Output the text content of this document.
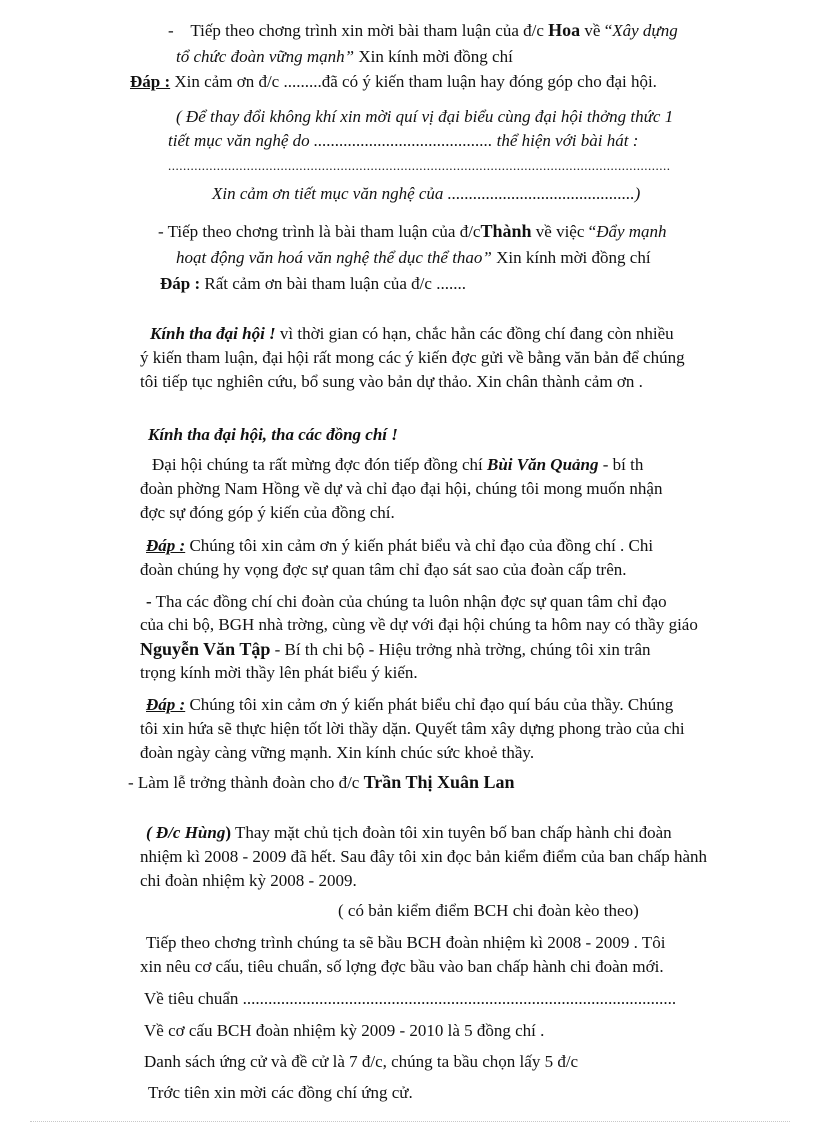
- Tiếp theo chơng trình xin mời bài tham luận của đ/c Hoa về “Xây dựng
tổ chức đoàn vững mạnh” Xin kính mời đồng chí
Đáp : Xin cảm ơn đ/c .........đã có ý kiến tham luận hay đóng góp cho đại hội.
( Để thay đổi không khí xin mời quí vị đại biểu cùng đại hội thởng thức 1
tiết mục văn nghệ do .......................................... thể hiện với bài hát :
......................................................................................................................................
Xin cảm ơn tiết mục văn nghệ của ............................................)
- Tiếp theo chơng trình là bài tham luận của đ/cThành về việc “Đẩy mạnh
hoạt động văn hoá văn nghệ thể dục thể thao” Xin kính mời đồng chí
Đáp : Rất cảm ơn bài tham luận của đ/c .......
Kính tha đại hội ! vì thời gian có hạn, chắc hẳn các đồng chí đang còn nhiều
ý kiến tham luận, đại hội rất mong các ý kiến đợc gửi về bằng văn bản để chúng
tôi tiếp tục nghiên cứu, bổ sung vào bản dự thảo. Xin chân thành cảm ơn .
Kính tha đại hội, tha các đồng chí !
Đại hội chúng ta rất mừng đợc đón tiếp đồng chí Bùi Văn Quảng - bí th
đoàn phờng Nam Hồng về dự và chỉ đạo đại hội, chúng tôi mong muốn nhận
đợc sự đóng góp ý kiến của đồng chí.
Đáp : Chúng tôi xin cảm ơn ý kiến phát biểu và chỉ đạo của đồng chí . Chi
đoàn chúng hy vọng đợc sự quan tâm chỉ đạo sát sao của đoàn cấp trên.
- Tha các đồng chí chi đoàn của chúng ta luôn nhận đợc sự quan tâm chỉ đạo
của chi bộ, BGH nhà trờng, cùng về dự với đại hội chúng ta hôm nay có thầy giáo
Nguyễn Văn Tập - Bí th chi bộ - Hiệu trởng nhà trờng, chúng tôi xin trân
trọng kính mời thầy lên phát biểu ý kiến.
Đáp : Chúng tôi xin cảm ơn ý kiến phát biểu chỉ đạo quí báu của thầy. Chúng
tôi xin hứa sẽ thực hiện tốt lời thầy dặn. Quyết tâm xây dựng phong trào của chi
đoàn ngày càng vững mạnh. Xin kính chúc sức khoẻ thầy.
- Làm lễ trởng thành đoàn cho đ/c Trần Thị Xuân Lan
( Đ/c Hùng) Thay mặt chủ tịch đoàn tôi xin tuyên bố ban chấp hành chi đoàn
nhiệm kì 2008 - 2009 đã hết. Sau đây tôi xin đọc bản kiểm điểm của ban chấp hành
chi đoàn nhiệm kỳ 2008 - 2009.
( có bản kiểm điểm BCH chi đoàn kèo theo)
Tiếp theo chơng trình chúng ta sẽ bầu BCH đoàn nhiệm kì 2008 - 2009 . Tôi
xin nêu cơ cấu, tiêu chuẩn, số lợng đợc bầu vào ban chấp hành chi đoàn mới.
Về tiêu chuẩn ......................................................................................................
Về cơ cấu BCH đoàn nhiệm kỳ 2009 - 2010 là 5 đồng chí .
Danh sách ứng cử và đề cử là 7 đ/c, chúng ta bầu chọn lấy 5 đ/c
Trớc tiên xin mời các đồng chí ứng cử.
